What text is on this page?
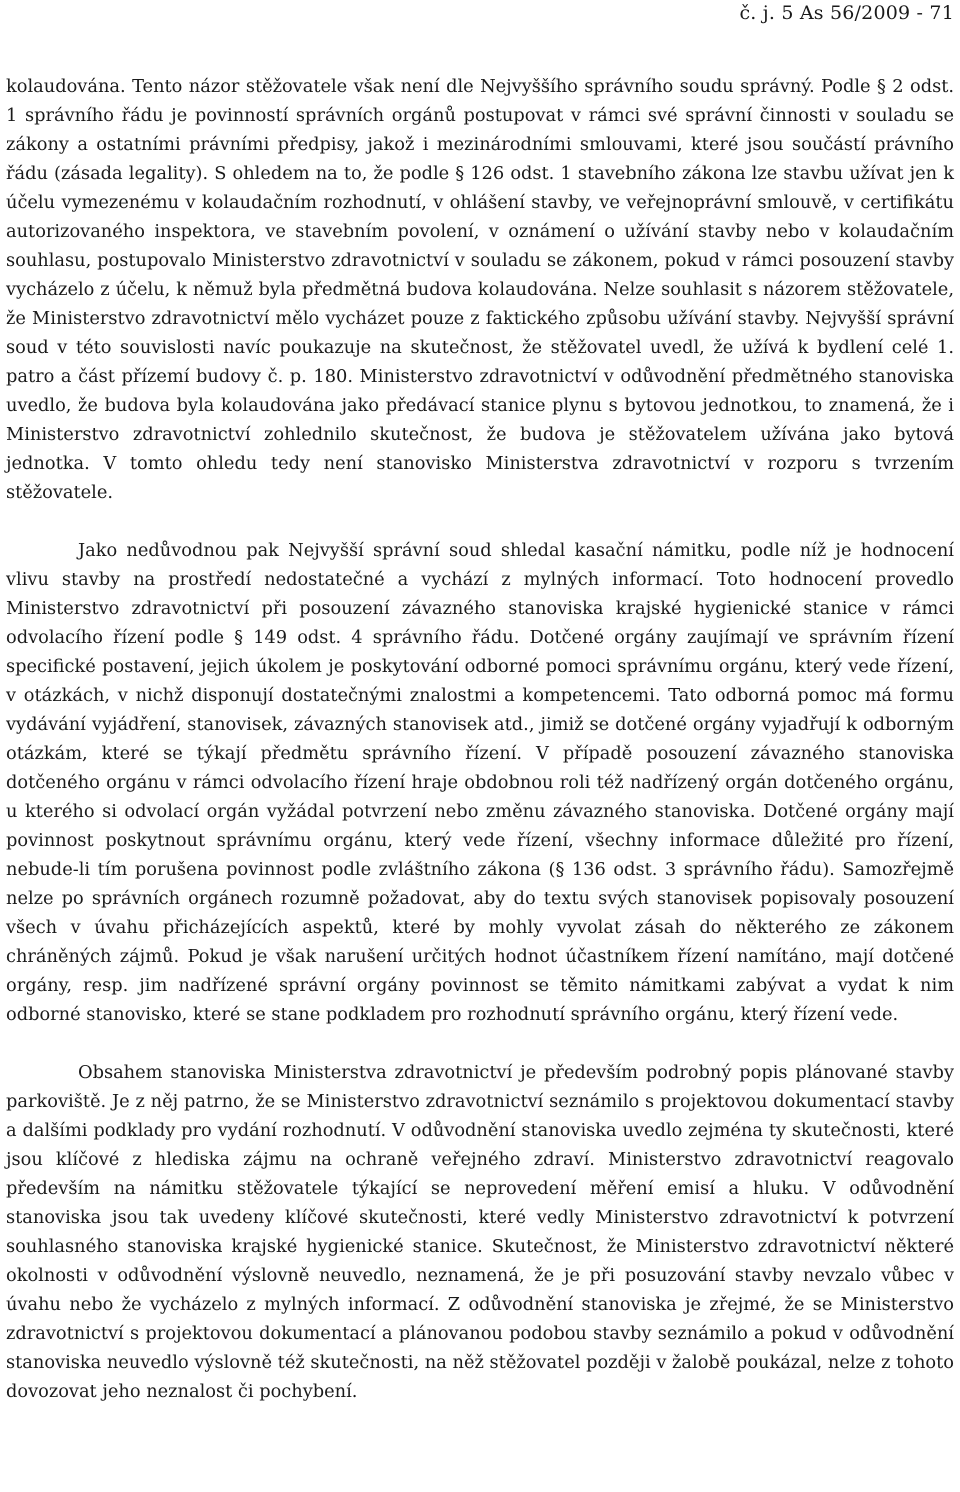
č. j. 5 As 56/2009 - 71

kolaudována. Tento názor stěžovatele však není dle Nejvyššího správního soudu správný. Podle § 2 odst. 1 správního řádu je povinností správních orgánů postupovat v rámci své správní činnosti v souladu se zákony a ostatními právními předpisy, jakož i mezinárodními smlouvami, které jsou součástí právního řádu (zásada legality). S ohledem na to, že podle § 126 odst. 1 stavebního zákona lze stavbu užívat jen k účelu vymezenému v kolaudačním rozhodnutí, v ohlášení stavby, ve veřejnoprávní smlouvě, v certifikátu autorizovaného inspektora, ve stavebním povolení, v oznámení o užívání stavby nebo v kolaudačním souhlasu, postupovalo Ministerstvo zdravotnictví v souladu se zákonem, pokud v rámci posouzení stavby vycházelo z účelu, k němuž byla předmětná budova kolaudována. Nelze souhlasit s názorem stěžovatele, že Ministerstvo zdravotnictví mělo vycházet pouze z faktického způsobu užívání stavby. Nejvyšší správní soud v této souvislosti navíc poukazuje na skutečnost, že stěžovatel uvedl, že užívá k bydlení celé 1. patro a část přízemí budovy č. p. 180. Ministerstvo zdravotnictví v odůvodnění předmětného stanoviska uvedlo, že budova byla kolaudována jako předávací stanice plynu s bytovou jednotkou, to znamená, že i Ministerstvo zdravotnictví zohlednilo skutečnost, že budova je stěžovatelem užívána jako bytová jednotka. V tomto ohledu tedy není stanovisko Ministerstva zdravotnictví v rozporu s tvrzením stěžovatele.

Jako nedůvodnou pak Nejvyšší správní soud shledal kasační námitku, podle níž je hodnocení vlivu stavby na prostředí nedostatečné a vychází z mylných informací. Toto hodnocení provedlo Ministerstvo zdravotnictví při posouzení závazného stanoviska krajské hygienické stanice v rámci odvolacího řízení podle § 149 odst. 4 správního řádu. Dotčené orgány zaujímají ve správním řízení specifické postavení, jejich úkolem je poskytování odborné pomoci správnímu orgánu, který vede řízení, v otázkách, v nichž disponují dostatečnými znalostmi a kompetencemi. Tato odborná pomoc má formu vydávání vyjádření, stanovisek, závazných stanovisek atd., jimiž se dotčené orgány vyjadřují k odborným otázkám, které se týkají předmětu správního řízení. V případě posouzení závazného stanoviska dotčeného orgánu v rámci odvolacího řízení hraje obdobnou roli též nadřízený orgán dotčeného orgánu, u kterého si odvolací orgán vyžádal potvrzení nebo změnu závazného stanoviska. Dotčené orgány mají povinnost poskytnout správnímu orgánu, který vede řízení, všechny informace důležité pro řízení, nebude-li tím porušena povinnost podle zvláštního zákona (§ 136 odst. 3 správního řádu). Samozřejmě nelze po správních orgánech rozumně požadovat, aby do textu svých stanovisek popisovaly posouzení všech v úvahu přicházejících aspektů, které by mohly vyvolat zásah do některého ze zákonem chráněných zájmů. Pokud je však narušení určitých hodnot účastníkem řízení namítáno, mají dotčené orgány, resp. jim nadřízené správní orgány povinnost se těmito námitkami zabývat a vydat k nim odborné stanovisko, které se stane podkladem pro rozhodnutí správního orgánu, který řízení vede.

Obsahem stanoviska Ministerstva zdravotnictví je především podrobný popis plánované stavby parkoviště. Je z něj patrno, že se Ministerstvo zdravotnictví seznámilo s projektovou dokumentací stavby a dalšími podklady pro vydání rozhodnutí. V odůvodnění stanoviska uvedlo zejména ty skutečnosti, které jsou klíčové z hlediska zájmu na ochraně veřejného zdraví. Ministerstvo zdravotnictví reagovalo především na námitku stěžovatele týkající se neprovedení měření emisí a hluku. V odůvodnění stanoviska jsou tak uvedeny klíčové skutečnosti, které vedly Ministerstvo zdravotnictví k potvrzení souhlasného stanoviska krajské hygienické stanice. Skutečnost, že Ministerstvo zdravotnictví některé okolnosti v odůvodnění výslovně neuvedlo, neznamená, že je při posuzování stavby nevzalo vůbec v úvahu nebo že vycházelo z mylných informací. Z odůvodnění stanoviska je zřejmé, že se Ministerstvo zdravotnictví s projektovou dokumentací a plánovanou podobou stavby seznámilo a pokud v odůvodnění stanoviska neuvedlo výslovně též skutečnosti, na něž stěžovatel později v žalobě poukázal, nelze z tohoto dovozovat jeho neznalost či pochybení.
